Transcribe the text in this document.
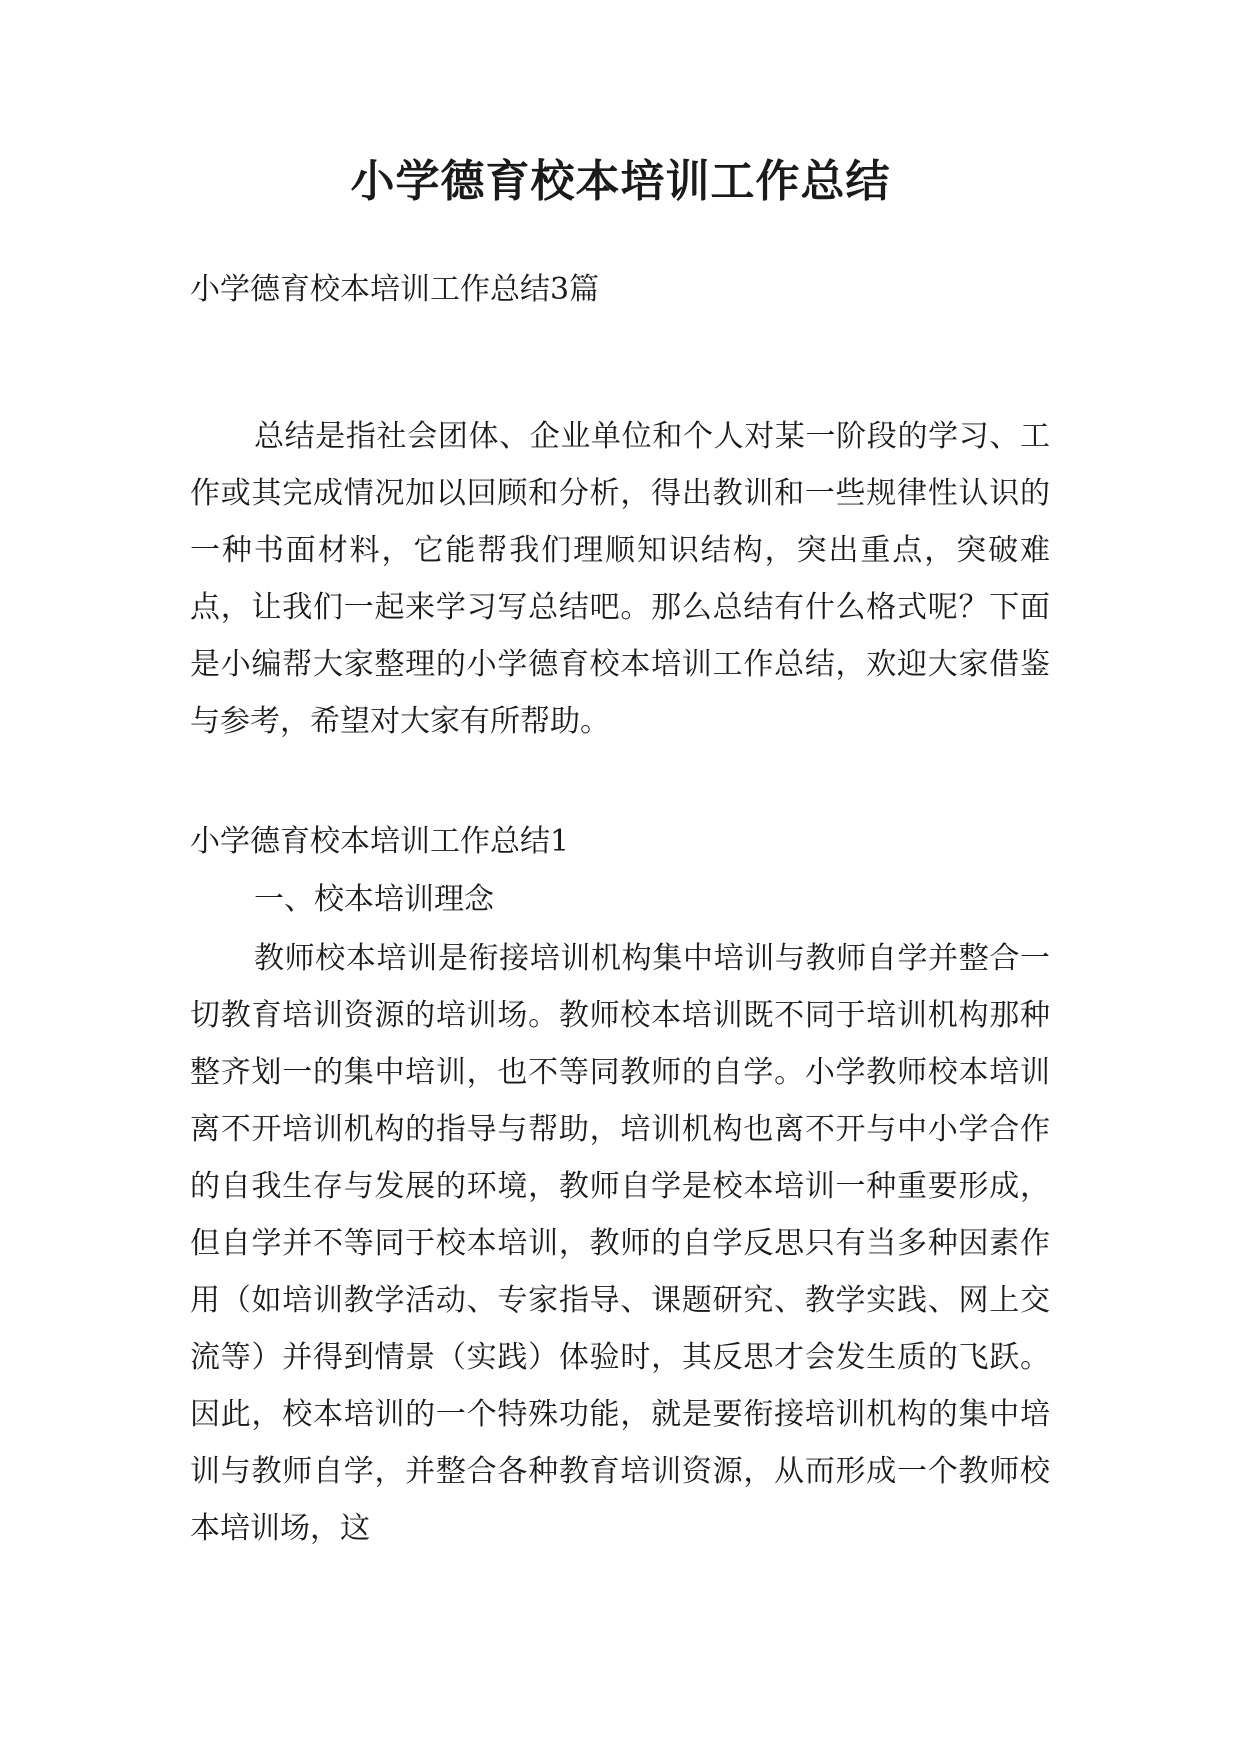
小学德育校本培训工作总结

小学德育校本培训工作总结3篇

总结是指社会团体、企业单位和个人对某一阶段的学习、工作或其完成情况加以回顾和分析，得出教训和一些规律性认识的一种书面材料，它能帮我们理顺知识结构，突出重点，突破难点，让我们一起来学习写总结吧。那么总结有什么格式呢？下面是小编帮大家整理的小学德育校本培训工作总结，欢迎大家借鉴与参考，希望对大家有所帮助。

小学德育校本培训工作总结1

一、校本培训理念

教师校本培训是衔接培训机构集中培训与教师自学并整合一切教育培训资源的培训场。教师校本培训既不同于培训机构那种整齐划一的集中培训，也不等同教师的自学。小学教师校本培训离不开培训机构的指导与帮助，培训机构也离不开与中小学合作的自我生存与发展的环境，教师自学是校本培训一种重要形成，但自学并不等同于校本培训，教师的自学反思只有当多种因素作用（如培训教学活动、专家指导、课题研究、教学实践、网上交流等）并得到情景（实践）体验时，其反思才会发生质的飞跃。因此，校本培训的一个特殊功能，就是要衔接培训机构的集中培训与教师自学，并整合各种教育培训资源，从而形成一个教师校本培训场，这
